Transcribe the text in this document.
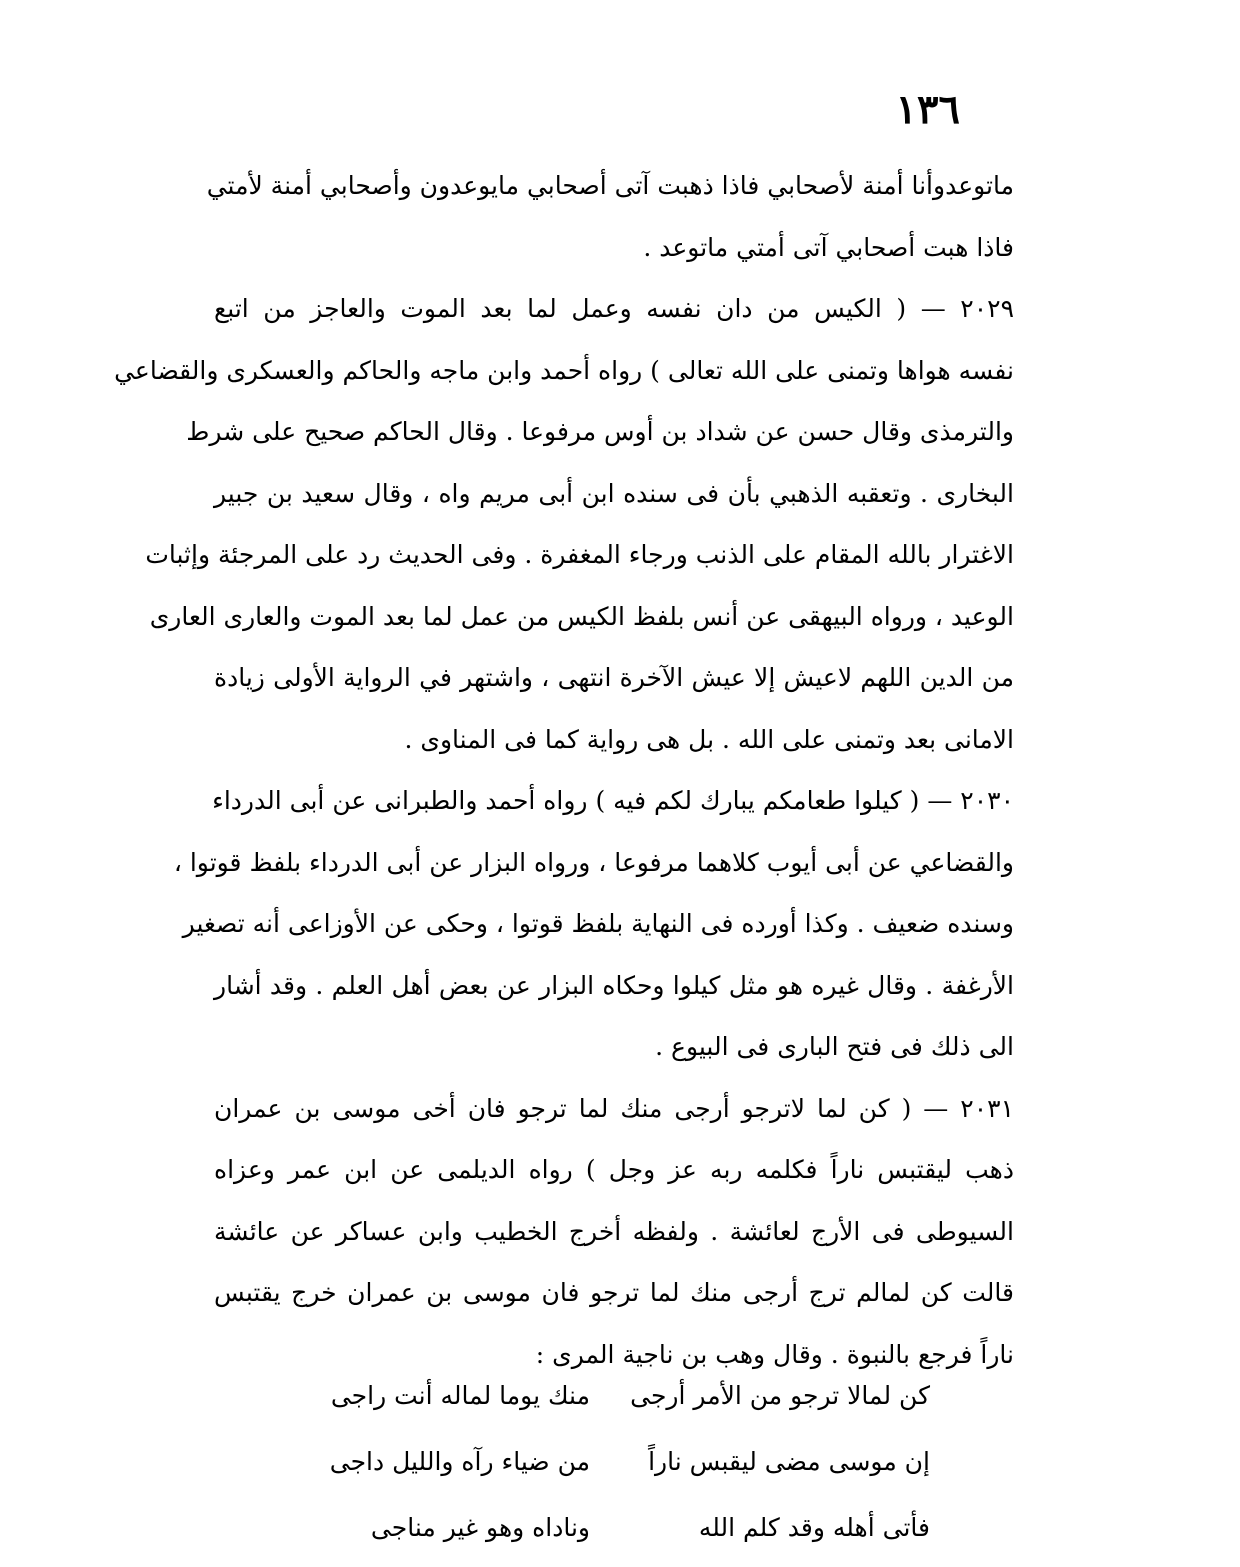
١٣٦
ماتوعدوأنا أمنة لأصحابي فاذا ذهبت آتى أصحابي مايوعدون وأصحابي أمنة لأمتي
فاذا هبت أصحابي آتى أمتي ماتوعد .
٢٠٢٩ — ( الكيس من دان نفسه وعمل لما بعد الموت والعاجز من اتبع
نفسه هواها وتمنى على الله تعالى ) رواه أحمد وابن ماجه والحاكم والعسكرى والقضاعي
والترمذى وقال حسن عن شداد بن أوس مرفوعا . وقال الحاكم صحيح على شرط
البخارى . وتعقبه الذهبي بأن فى سنده ابن أبى مريم واه ، وقال سعيد بن جبير
الاغترار بالله المقام على الذنب ورجاء المغفرة . وفى الحديث رد على المرجئة وإثبات
الوعيد ، ورواه البيهقى عن أنس بلفظ الكيس من عمل لما بعد الموت والعارى العارى
من الدين اللهم لاعيش إلا عيش الآخرة انتهى ، واشتهر في الرواية الأولى زيادة
الامانى بعد وتمنى على الله . بل هى رواية كما فى المناوى .
٢٠٣٠ — ( كيلوا طعامكم يبارك لكم فيه ) رواه أحمد والطبرانى عن أبى الدرداء
والقضاعي عن أبى أيوب كلاهما مرفوعا ، ورواه البزار عن أبى الدرداء بلفظ قوتوا ،
وسنده ضعيف . وكذا أورده فى النهاية بلفظ قوتوا ، وحكى عن الأوزاعى أنه تصغير
الأرغفة . وقال غيره هو مثل كيلوا وحكاه البزار عن بعض أهل العلم . وقد أشار
الى ذلك فى فتح البارى فى البيوع .
٢٠٣١ — ( كن لما لاترجو أرجى منك لما ترجو فان أخى موسى بن عمران
ذهب ليقتبس ناراً فكلمه ربه عز وجل ) رواه الديلمى عن ابن عمر وعزاه
السيوطى فى الأرج لعائشة . ولفظه أخرج الخطيب وابن عساكر عن عائشة
قالت كن لمالم ترج أرجى منك لما ترجو فان موسى بن عمران خرج يقتبس
ناراً فرجع بالنبوة . وقال وهب بن ناجية المرى :
كن لمالا ترجو من الأمر أرجى
منك يوما لماله أنت راجى
إن موسى مضى ليقبس ناراً
من ضياء رآه والليل داجى
فأتى أهله وقد كلم الله
وناداه وهو غير مناجى
